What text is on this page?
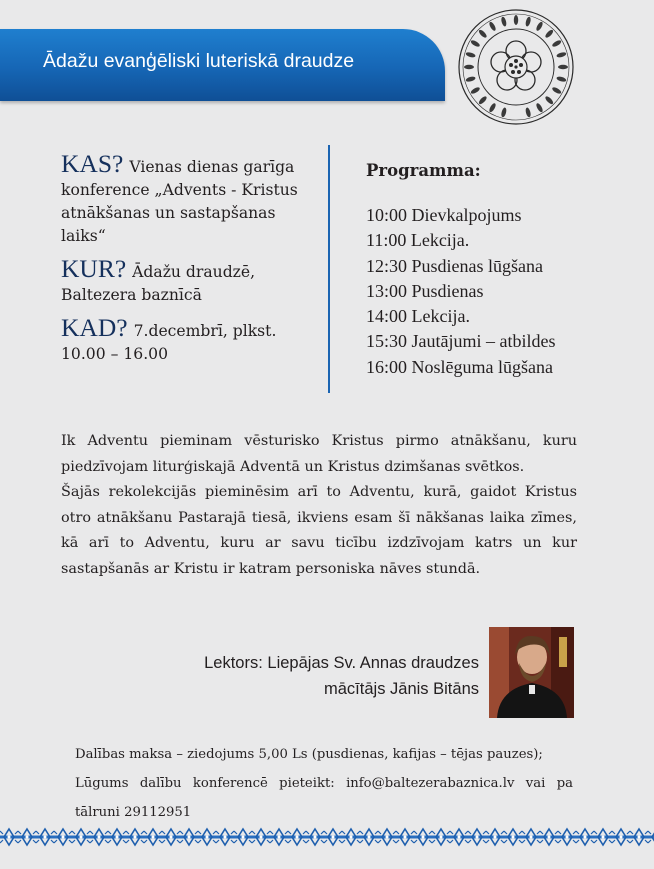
Ādažu evanģēliski luteriskā draudze
KAS? Vienas dienas garīga konference „Advents - Kristus atnākšanas un sastapšanas laiks“
KUR? Ādažu draudzē, Baltezera baznīcā
KAD? 7.decembrī, plkst. 10.00 – 16.00
Programma:
10:00 Dievkalpojums
11:00 Lekcija.
12:30 Pusdienas lūgšana
13:00 Pusdienas
14:00 Lekcija.
15:30 Jautājumi – atbildes
16:00 Noslēguma lūgšana

Ik Adventu pieminam vēsturisko Kristus pirmo atnākšanu, kuru piedzīvojam liturģiskajā Adventā un Kristus dzimšanas svētkos.

Šajās rekolekcijās pieminēsim arī to Adventu, kurā, gaidot Kristus otro atnākšanu Pastarajā tiesā, ikviens esam šī nākšanas laika zīmes, kā arī to Adventu, kuru ar savu ticību izdzīvojam katrs un kur sastapšanās ar Kristu ir katram personiska nāves stundā.

Lektors: Liepājas Sv. Annas draudzes
mācītājs Jānis Bitāns

Dalības maksa – ziedojums 5,00 Ls (pusdienas, kafijas – tējas pauzes);

Lūgums dalību konferencē pieteikt: info@baltezerabaznica.lv vai pa tālruni 29112951
